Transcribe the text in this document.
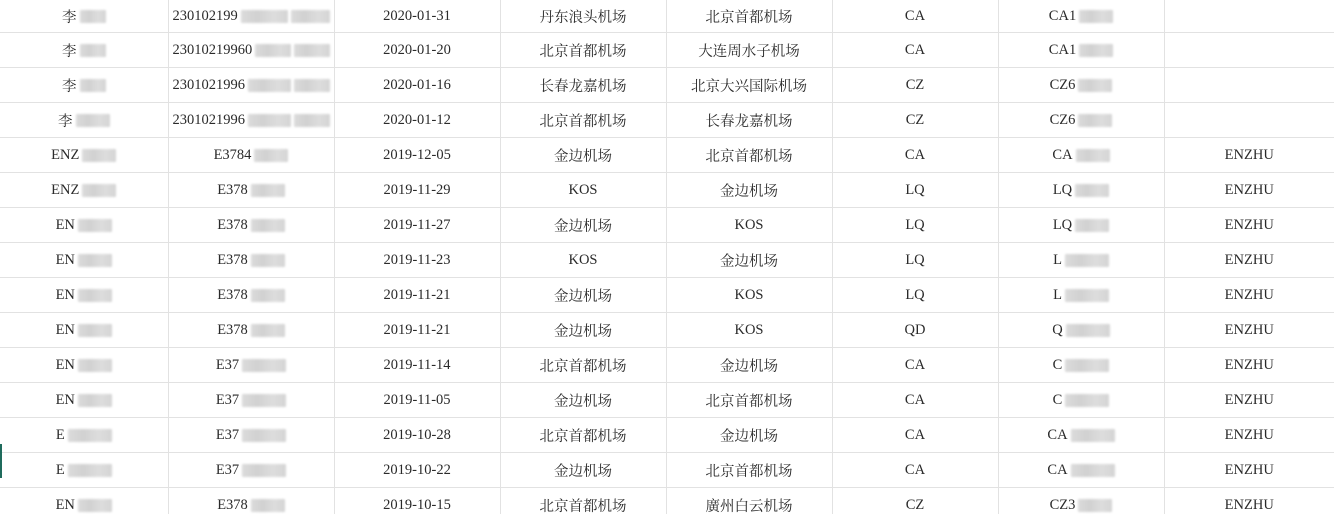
李	230102199	2020-01-31	丹东浪头机场	北京首都机场	CA	CA1	

李	23010219960	2020-01-20	北京首都机场	大连周水子机场	CA	CA1	

李	2301021996	2020-01-16	长春龙嘉机场	北京大兴国际机场	CZ	CZ6	

李	2301021996	2020-01-12	北京首都机场	长春龙嘉机场	CZ	CZ6	

ENZ	E3784	2019-12-05	金边机场	北京首都机场	CA	CA	ENZHU

ENZ	E378	2019-11-29	KOS	金边机场	LQ	LQ	ENZHU

EN	E378	2019-11-27	金边机场	KOS	LQ	LQ	ENZHU

EN	E378	2019-11-23	KOS	金边机场	LQ	L	ENZHU

EN	E378	2019-11-21	金边机场	KOS	LQ	L	ENZHU

EN	E378	2019-11-21	金边机场	KOS	QD	Q	ENZHU

EN	E37	2019-11-14	北京首都机场	金边机场	CA	C	ENZHU

EN	E37	2019-11-05	金边机场	北京首都机场	CA	C	ENZHU

E	E37	2019-10-28	北京首都机场	金边机场	CA	CA	ENZHU

E	E37	2019-10-22	金边机场	北京首都机场	CA	CA	ENZHU

EN	E378	2019-10-15	北京首都机场	廣州白云机场	CZ	CZ3	ENZHU
